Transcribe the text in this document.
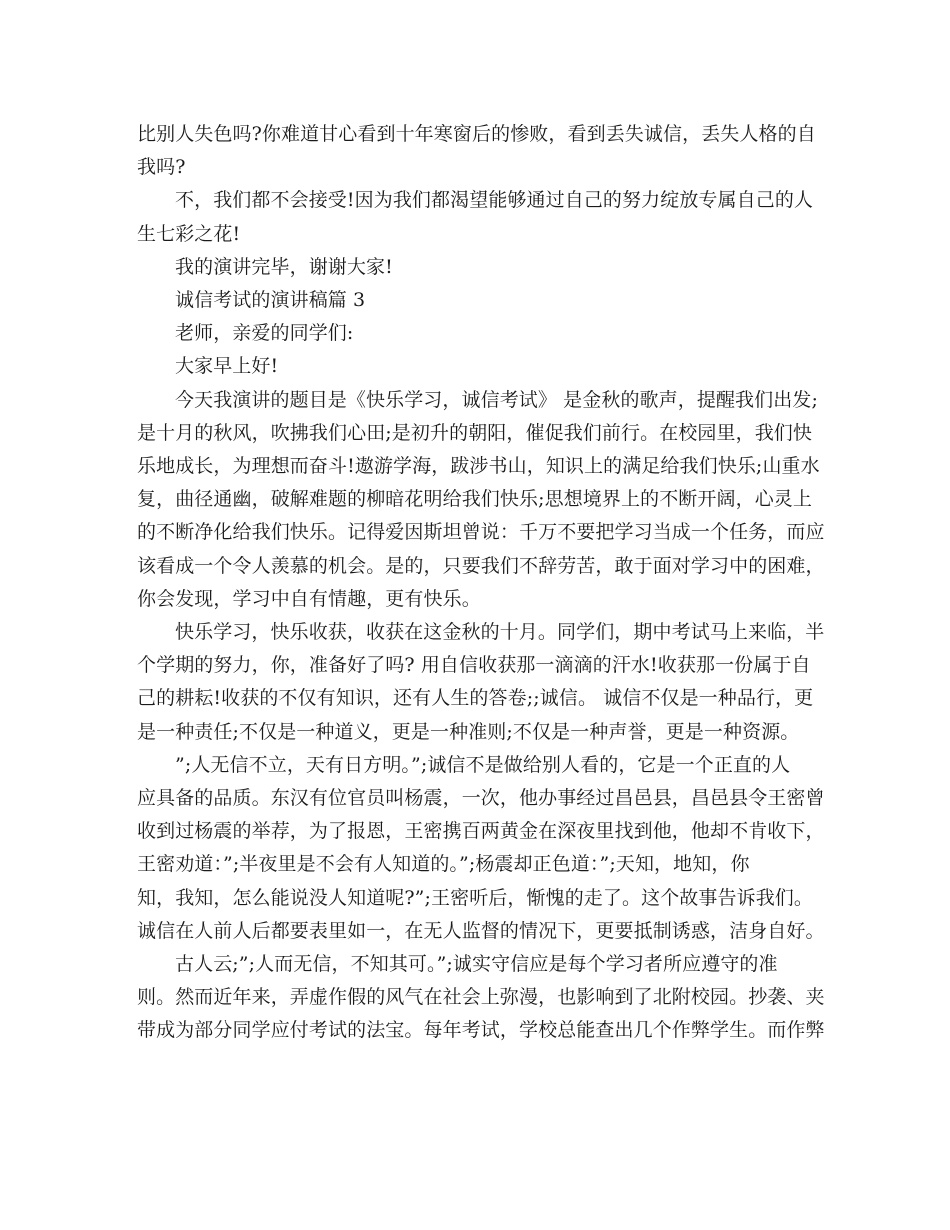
比别人失色吗?你难道甘心看到十年寒窗后的惨败，看到丢失诚信，丢失人格的自
我吗?
不，我们都不会接受!因为我们都渴望能够通过自己的努力绽放专属自己的人
生七彩之花!
我的演讲完毕，谢谢大家!
诚信考试的演讲稿篇 3
老师，亲爱的同学们:
大家早上好!
今天我演讲的题目是《快乐学习，诚信考试》 是金秋的歌声，提醒我们出发;
是十月的秋风，吹拂我们心田;是初升的朝阳，催促我们前行。在校园里，我们快
乐地成长，为理想而奋斗!遨游学海，跋涉书山，知识上的满足给我们快乐;山重水
复，曲径通幽，破解难题的柳暗花明给我们快乐;思想境界上的不断开阔，心灵上
的不断净化给我们快乐。记得爱因斯坦曾说：千万不要把学习当成一个任务，而应
该看成一个令人羡慕的机会。是的，只要我们不辞劳苦，敢于面对学习中的困难，
你会发现，学习中自有情趣，更有快乐。
快乐学习，快乐收获，收获在这金秋的十月。同学们，期中考试马上来临，半
个学期的努力，你，准备好了吗? 用自信收获那一滴滴的汗水!收获那一份属于自
己的耕耘!收获的不仅有知识，还有人生的答卷;;诚信。 诚信不仅是一种品行，更
是一种责任;不仅是一种道义，更是一种准则;不仅是一种声誉，更是一种资源。
”;人无信不立，天有日方明。”;诚信不是做给别人看的，它是一个正直的人
应具备的品质。东汉有位官员叫杨震，一次，他办事经过昌邑县，昌邑县令王密曾
收到过杨震的举荐，为了报恩，王密携百两黄金在深夜里找到他，他却不肯收下，
王密劝道：”;半夜里是不会有人知道的。”;杨震却正色道：”;天知，地知，你
知，我知，怎么能说没人知道呢?”;王密听后，惭愧的走了。这个故事告诉我们。
诚信在人前人后都要表里如一，在无人监督的情况下，更要抵制诱惑，洁身自好。
古人云;”;人而无信，不知其可。”;诚实守信应是每个学习者所应遵守的准
则。然而近年来，弄虚作假的风气在社会上弥漫，也影响到了北附校园。抄袭、夹
带成为部分同学应付考试的法宝。每年考试，学校总能查出几个作弊学生。而作弊
